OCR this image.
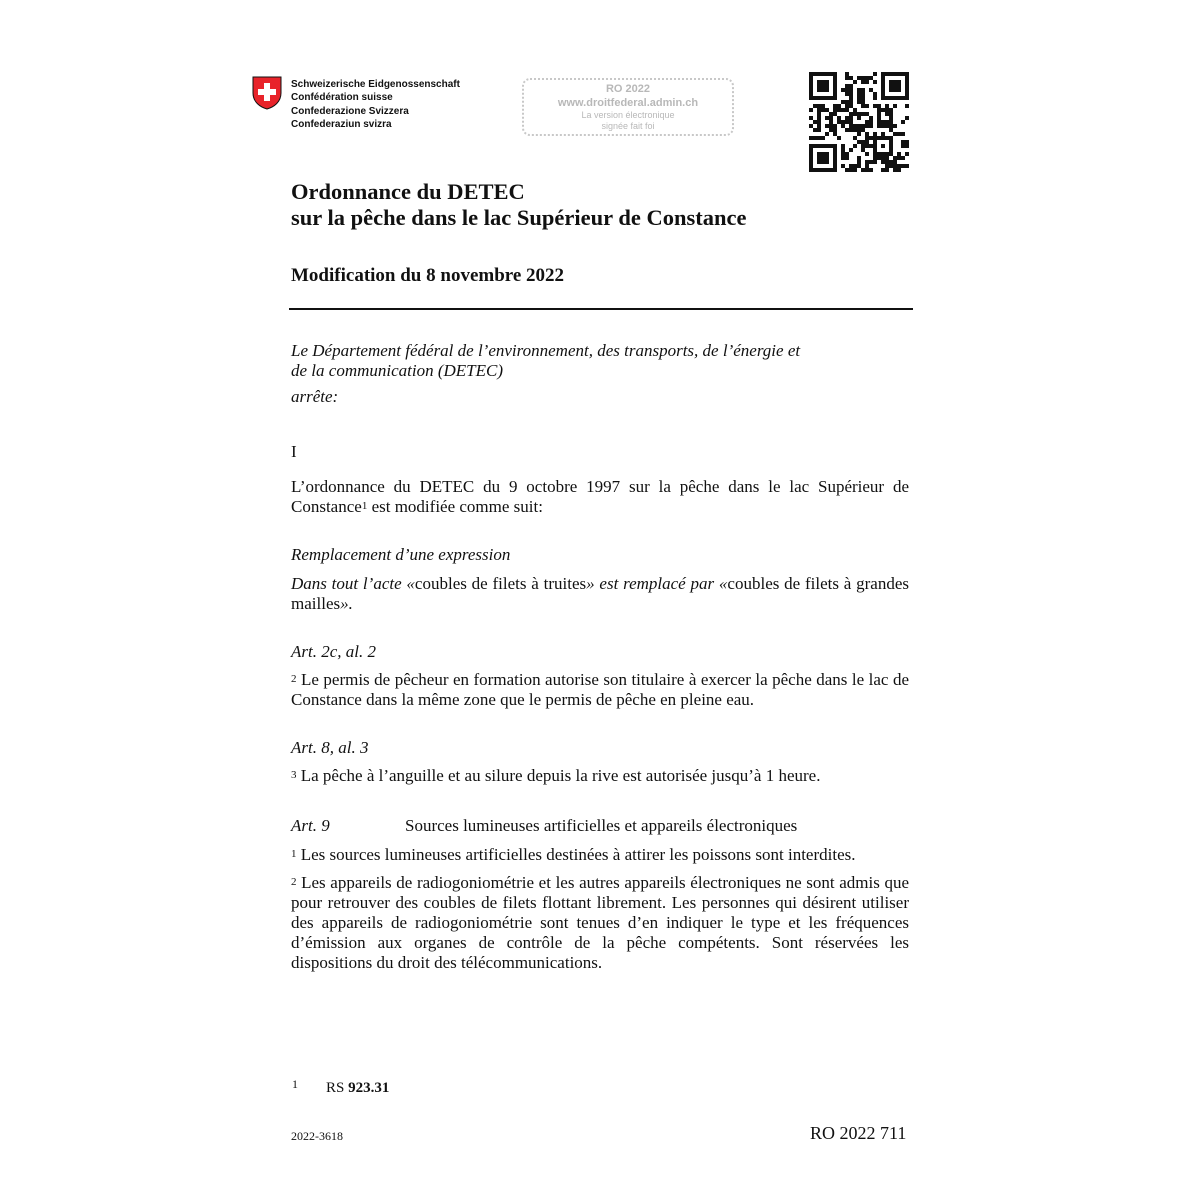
Schweizerische Eidgenossenschaft
Confédération suisse
Confederazione Svizzera
Confederaziun svizra
RO 2022
www.droitfederal.admin.ch
La version électronique
signée fait foi
Ordonnance du DETEC
sur la pêche dans le lac Supérieur de Constance
Modification du 8 novembre 2022
Le Département fédéral de l’environnement, des transports, de l’énergie et
de la communication (DETEC)
arrête:
I
L’ordonnance du DETEC du 9 octobre 1997 sur la pêche dans le lac Supérieur de Constance$^1$ est modifiée comme suit:
Remplacement d’une expression
Dans tout l’acte «coubles de filets à truites» est remplacé par «coubles de filets à grandes mailles».
Art. 2c, al. 2
$^2$ Le permis de pêcheur en formation autorise son titulaire à exercer la pêche dans le lac de Constance dans la même zone que le permis de pêche en pleine eau.
Art. 8, al. 3
$^3$ La pêche à l’anguille et au silure depuis la rive est autorisée jusqu’à 1 heure.
Art. 9	Sources lumineuses artificielles et appareils électroniques
$^1$ Les sources lumineuses artificielles destinées à attirer les poissons sont interdites.
$^2$ Les appareils de radiogoniométrie et les autres appareils électroniques ne sont admis que pour retrouver des coubles de filets flottant librement. Les personnes qui désirent utiliser des appareils de radiogoniométrie sont tenues d’en indiquer le type et les fréquences d’émission aux organes de contrôle de la pêche compétents. Sont réservées les dispositions du droit des télécommunications.
1 RS 923.31
2022-3618	RO 2022 711
